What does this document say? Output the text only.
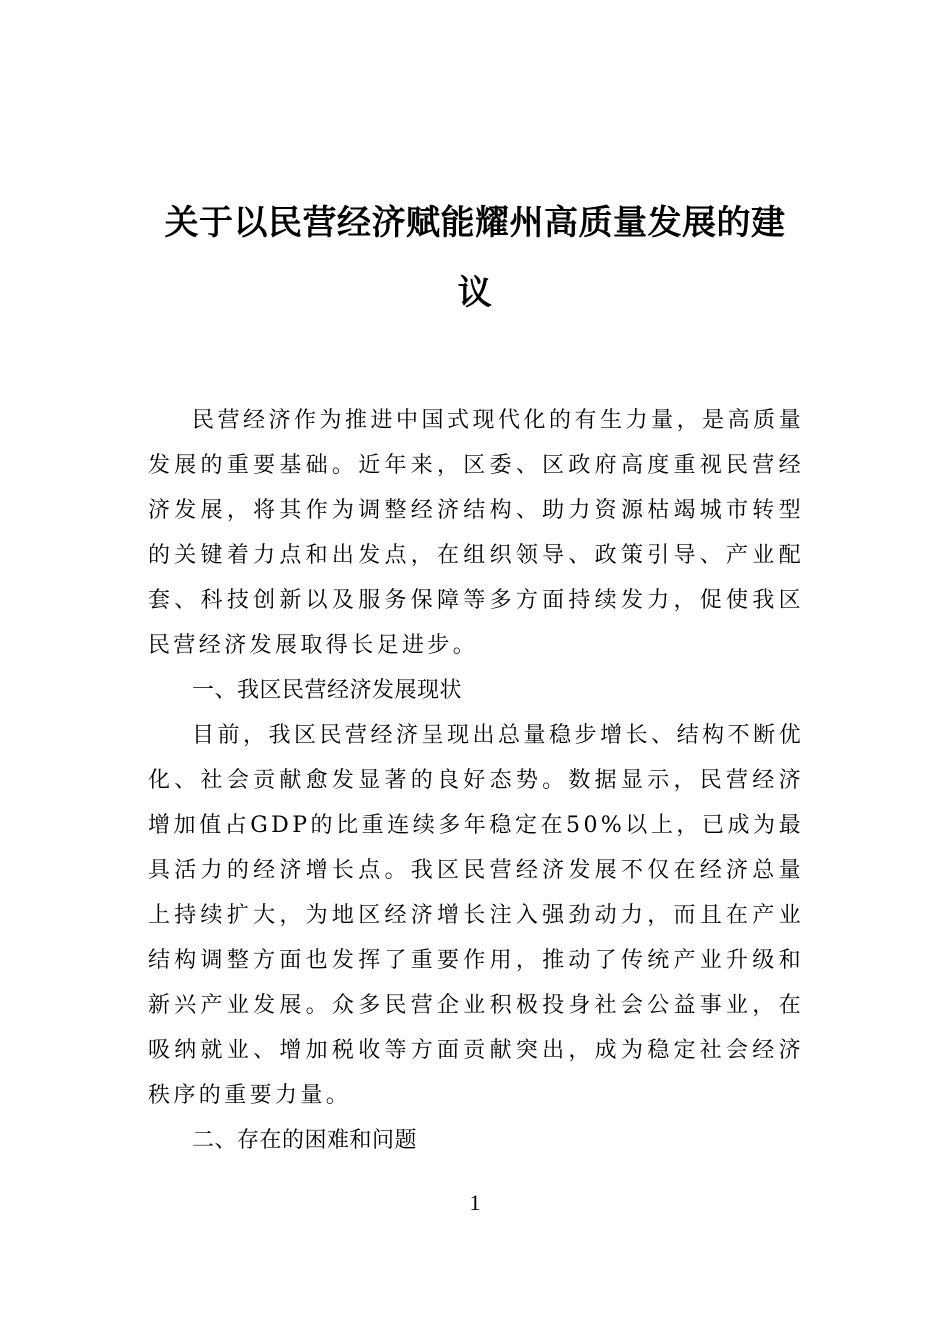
关于以民营经济赋能耀州高质量发展的建议

民营经济作为推进中国式现代化的有生力量，是高质量发展的重要基础。近年来，区委、区政府高度重视民营经济发展，将其作为调整经济结构、助力资源枯竭城市转型的关键着力点和出发点，在组织领导、政策引导、产业配套、科技创新以及服务保障等多方面持续发力，促使我区民营经济发展取得长足进步。

一、我区民营经济发展现状

目前，我区民营经济呈现出总量稳步增长、结构不断优化、社会贡献愈发显著的良好态势。数据显示，民营经济增加值占GDP的比重连续多年稳定在50%以上，已成为最具活力的经济增长点。我区民营经济发展不仅在经济总量上持续扩大，为地区经济增长注入强劲动力，而且在产业结构调整方面也发挥了重要作用，推动了传统产业升级和新兴产业发展。众多民营企业积极投身社会公益事业，在吸纳就业、增加税收等方面贡献突出，成为稳定社会经济秩序的重要力量。

二、存在的困难和问题

1
